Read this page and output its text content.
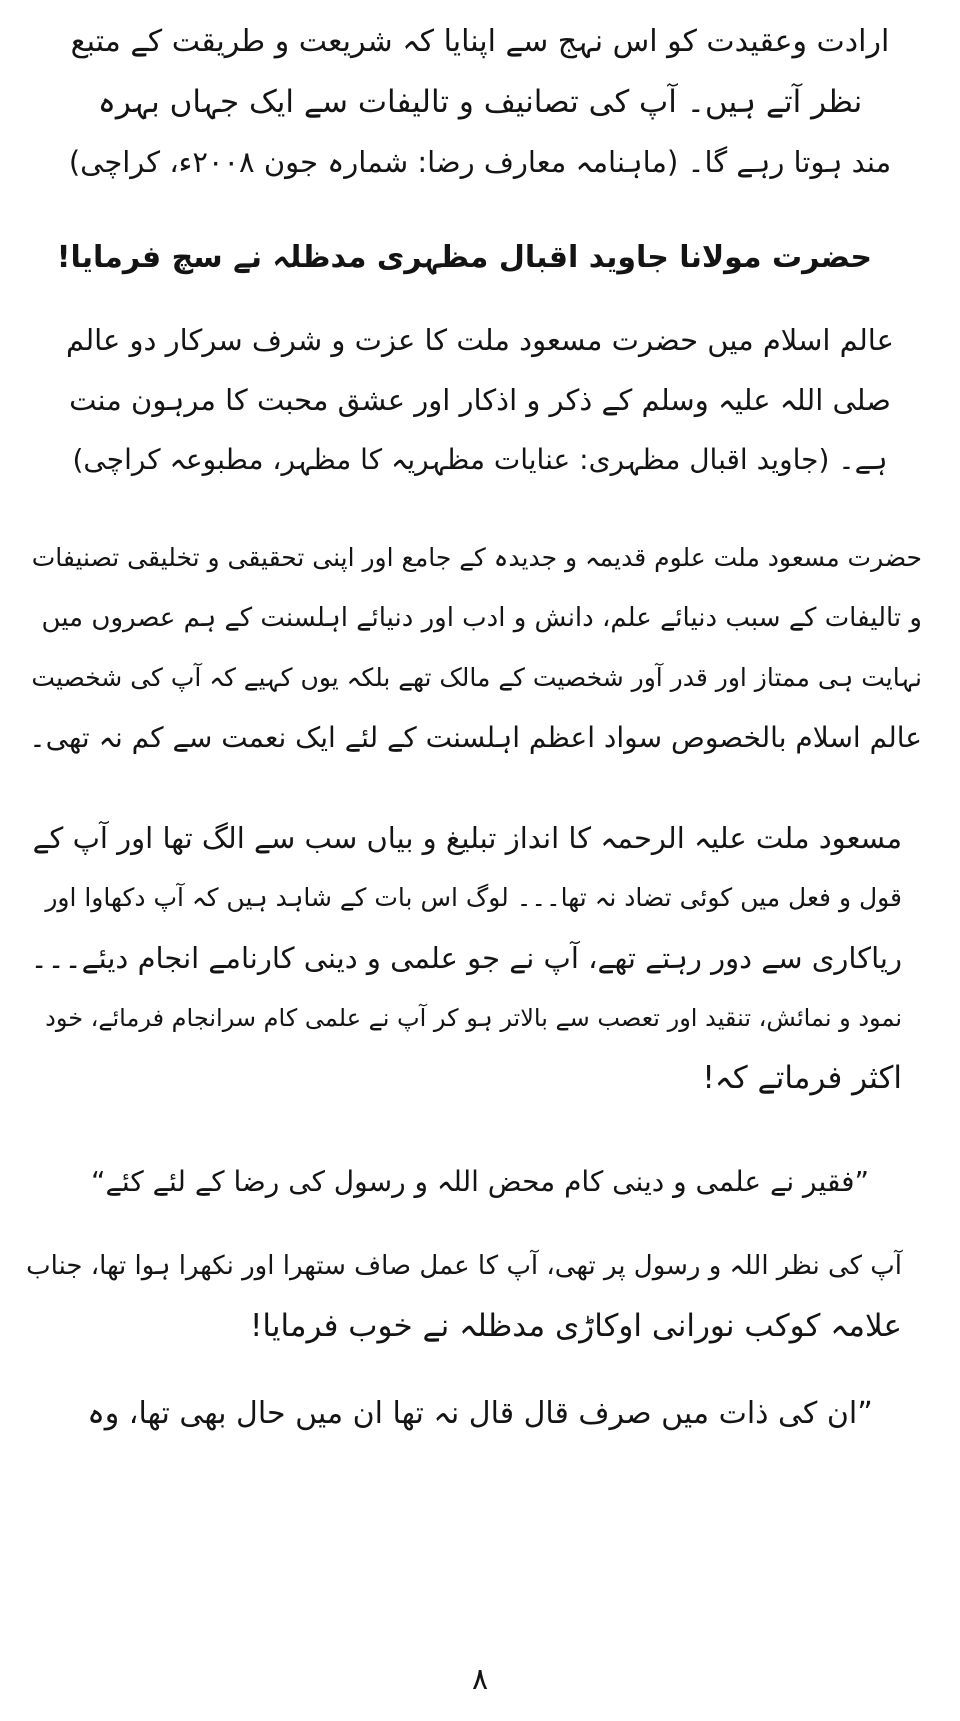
ارادت وعقیدت کو اس نہج سے اپنایا کہ شریعت و طریقت کے متبع
نظر آتے ہیں۔ آپ کی تصانیف و تالیفات سے ایک جہاں بہرہ
مند ہوتا رہے گا۔ (ماہنامہ معارف رضا: شمارہ جون ۲۰۰۸ء، کراچی)

حضرت مولانا جاوید اقبال مظہری مدظلہ نے سچ فرمایا!

عالم اسلام میں حضرت مسعود ملت کا عزت و شرف سرکار دو عالم
صلی اللہ علیہ وسلم کے ذکر و اذکار اور عشق محبت کا مرہون منت
ہے۔ (جاوید اقبال مظہری: عنایات مظہریہ کا مظہر، مطبوعہ کراچی)

حضرت مسعود ملت علوم قدیمہ و جدیدہ کے جامع اور اپنی تحقیقی و تخلیقی تصنیفات
و تالیفات کے سبب دنیائے علم، دانش و ادب اور دنیائے اہلسنت کے ہم عصروں میں
نہایت ہی ممتاز اور قدر آور شخصیت کے مالک تھے بلکہ یوں کہیے کہ آپ کی شخصیت
عالم اسلام بالخصوص سواد اعظم اہلسنت کے لئے ایک نعمت سے کم نہ تھی۔

مسعود ملت علیہ الرحمہ کا انداز تبلیغ و بیاں سب سے الگ تھا اور آپ کے
قول و فعل میں کوئی تضاد نہ تھا۔۔۔ لوگ اس بات کے شاہد ہیں کہ آپ دکھاوا اور
ریاکاری سے دور رہتے تھے، آپ نے جو علمی و دینی کارنامے انجام دیئے۔۔۔
نمود و نمائش، تنقید اور تعصب سے بالاتر ہو کر آپ نے علمی کام سرانجام فرمائے، خود
اکثر فرماتے کہ!

”فقیر نے علمی و دینی کام محض اللہ و رسول کی رضا کے لئے کئے“

آپ کی نظر اللہ و رسول پر تھی، آپ کا عمل صاف ستھرا اور نکھرا ہوا تھا، جناب
علامہ کوکب نورانی اوکاڑی مدظلہ نے خوب فرمایا!

”ان کی ذات میں صرف قال قال نہ تھا ان میں حال بھی تھا، وہ

۸
